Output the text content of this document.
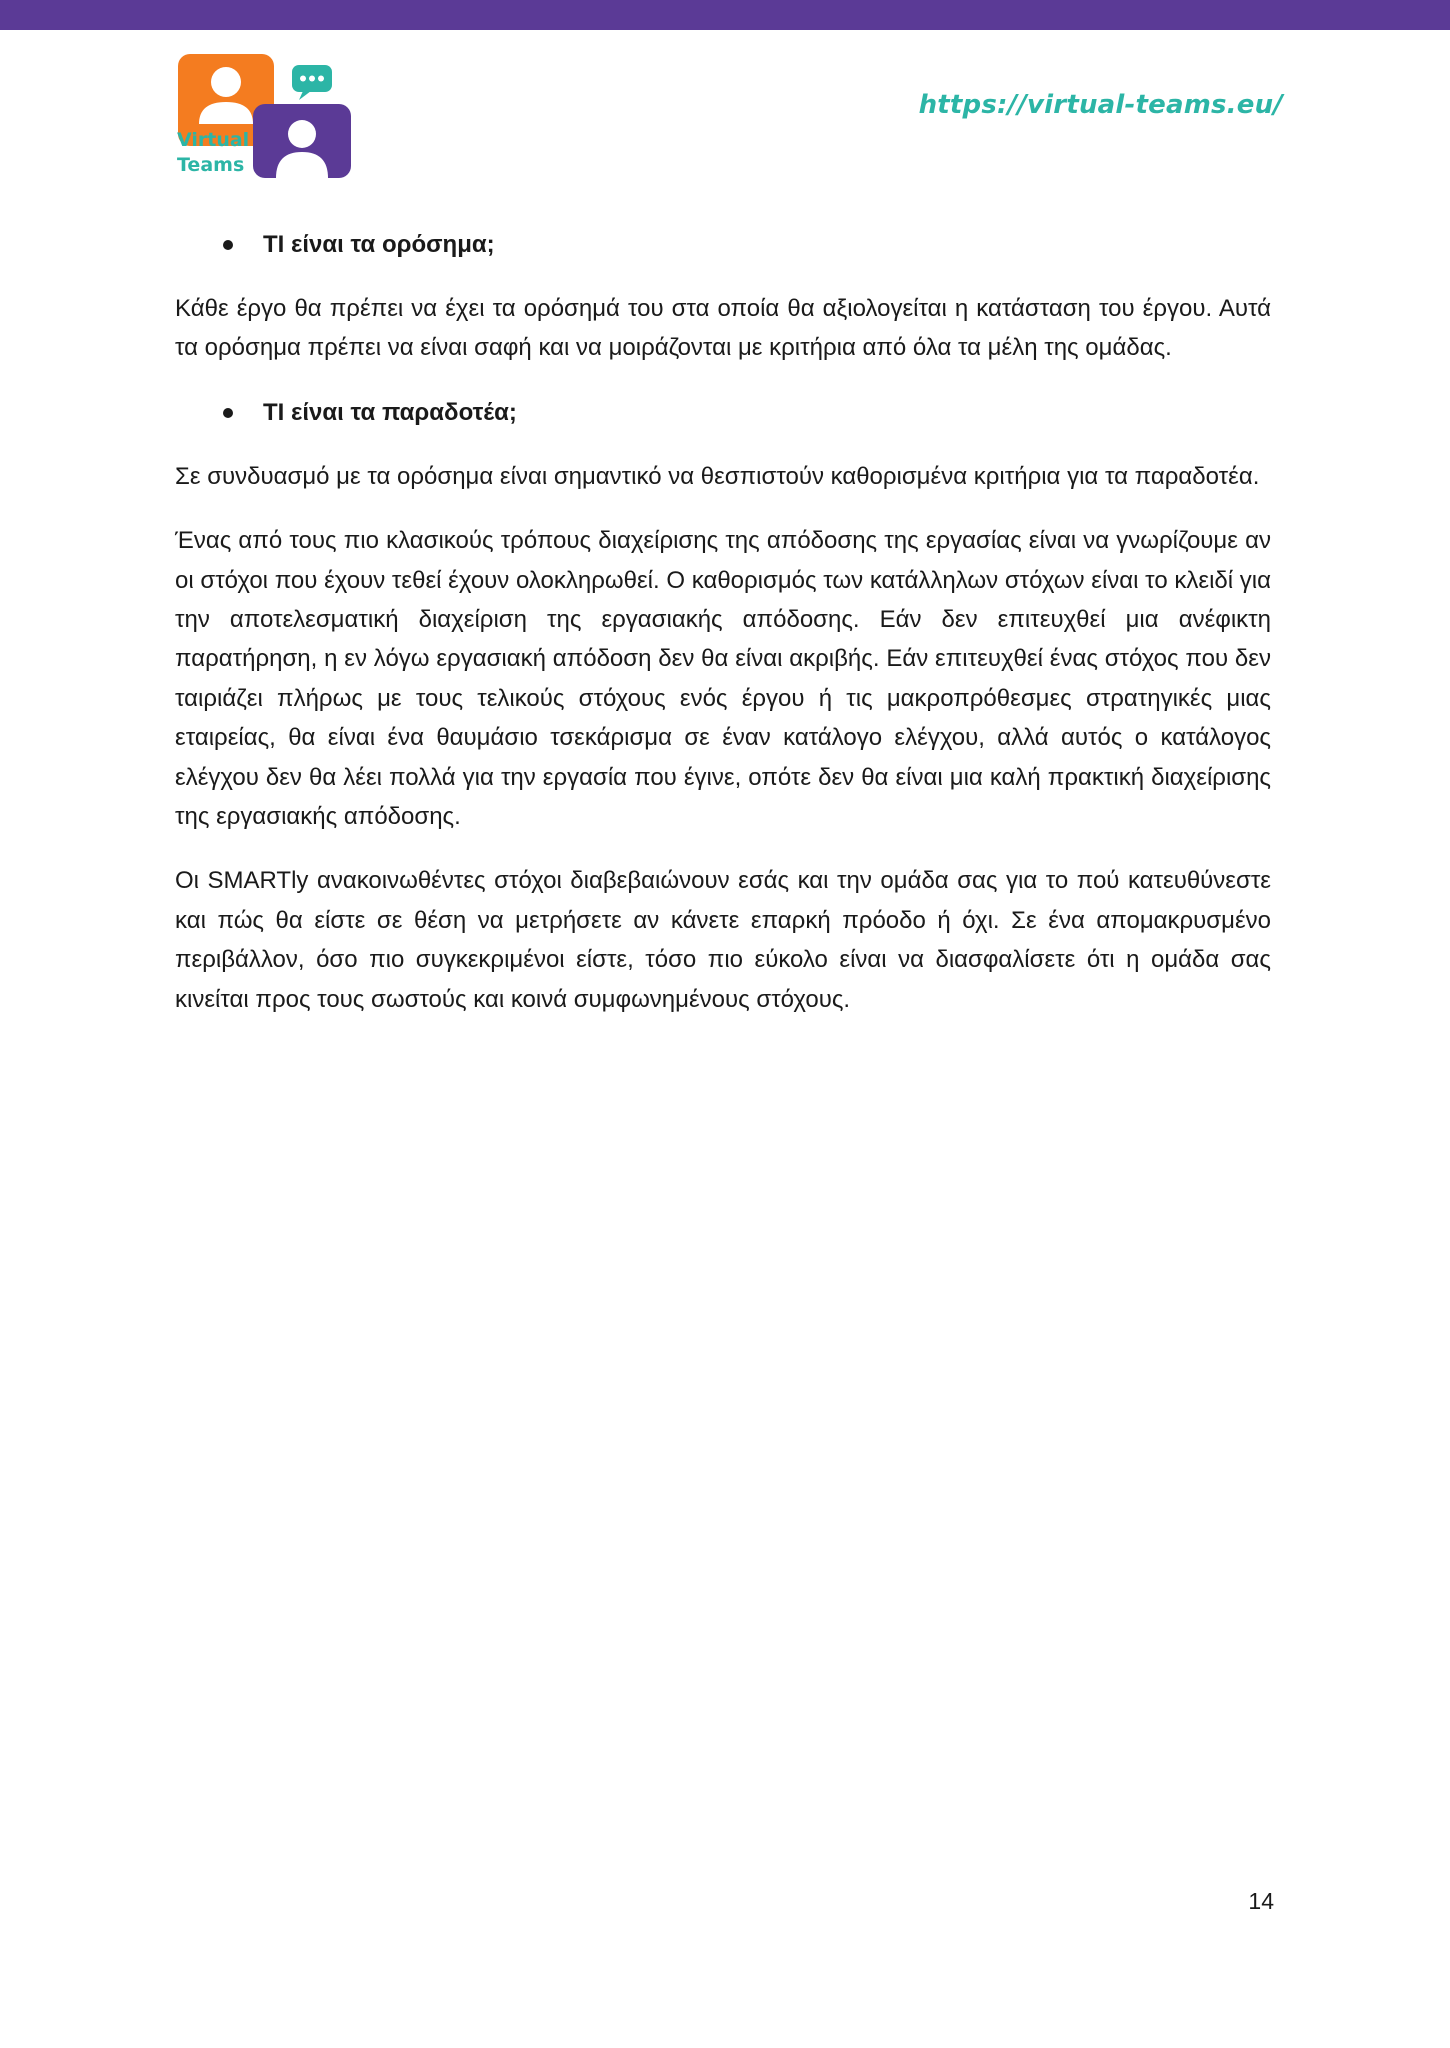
Virtual
Teams
https://virtual-teams.eu/
ΤΙ είναι τα ορόσημα;

Κάθε έργο θα πρέπει να έχει τα ορόσημά του στα οποία θα αξιολογείται η κατάσταση του έργου. Αυτά τα ορόσημα πρέπει να είναι σαφή και να μοιράζονται με κριτήρια από όλα τα μέλη της ομάδας.

ΤΙ είναι τα παραδοτέα;

Σε συνδυασμό με τα ορόσημα είναι σημαντικό να θεσπιστούν καθορισμένα κριτήρια για τα παραδοτέα.

Ένας από τους πιο κλασικούς τρόπους διαχείρισης της απόδοσης της εργασίας είναι να γνωρίζουμε αν οι στόχοι που έχουν τεθεί έχουν ολοκληρωθεί. Ο καθορισμός των κατάλληλων στόχων είναι το κλειδί για την αποτελεσματική διαχείριση της εργασιακής απόδοσης. Εάν δεν επιτευχθεί μια ανέφικτη παρατήρηση, η εν λόγω εργασιακή απόδοση δεν θα είναι ακριβής. Εάν επιτευχθεί ένας στόχος που δεν ταιριάζει πλήρως με τους τελικούς στόχους ενός έργου ή τις μακροπρόθεσμες στρατηγικές μιας εταιρείας, θα είναι ένα θαυμάσιο τσεκάρισμα σε έναν κατάλογο ελέγχου, αλλά αυτός ο κατάλογος ελέγχου δεν θα λέει πολλά για την εργασία που έγινε, οπότε δεν θα είναι μια καλή πρακτική διαχείρισης της εργασιακής απόδοσης.

Οι SMARTly ανακοινωθέντες στόχοι διαβεβαιώνουν εσάς και την ομάδα σας για το πού κατευθύνεστε και πώς θα είστε σε θέση να μετρήσετε αν κάνετε επαρκή πρόοδο ή όχι. Σε ένα απομακρυσμένο περιβάλλον, όσο πιο συγκεκριμένοι είστε, τόσο πιο εύκολο είναι να διασφαλίσετε ότι η ομάδα σας κινείται προς τους σωστούς και κοινά συμφωνημένους στόχους.

14
